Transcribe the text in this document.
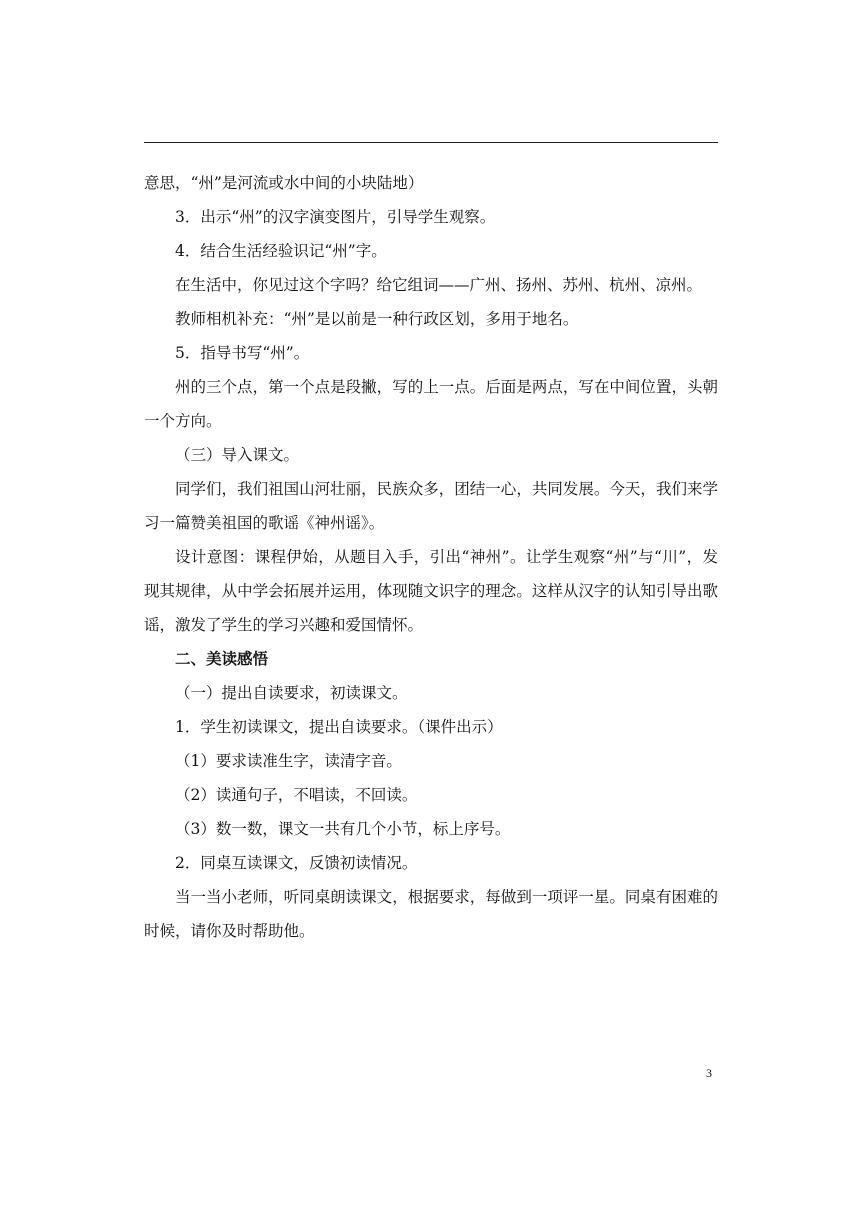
意思，“州”是河流或水中间的小块陆地）

3．出示“州”的汉字演变图片，引导学生观察。

4．结合生活经验识记“州”字。

在生活中，你见过这个字吗？给它组词——广州、扬州、苏州、杭州、凉州。

教师相机补充：“州”是以前是一种行政区划，多用于地名。

5．指导书写“州”。

州的三个点，第一个点是段撇，写的上一点。后面是两点，写在中间位置，头朝一个方向。

（三）导入课文。

同学们，我们祖国山河壮丽，民族众多，团结一心，共同发展。今天，我们来学习一篇赞美祖国的歌谣《神州谣》。

设计意图：课程伊始，从题目入手，引出“神州”。让学生观察“州”与“川”，发现其规律，从中学会拓展并运用，体现随文识字的理念。这样从汉字的认知引导出歌谣，激发了学生的学习兴趣和爱国情怀。

二、美读感悟

（一）提出自读要求，初读课文。

1．学生初读课文，提出自读要求。（课件出示）

（1）要求读准生字，读清字音。

（2）读通句子，不唱读，不回读。

（3）数一数，课文一共有几个小节，标上序号。

2．同桌互读课文，反馈初读情况。

当一当小老师，听同桌朗读课文，根据要求，每做到一项评一星。同桌有困难的时候，请你及时帮助他。

3
